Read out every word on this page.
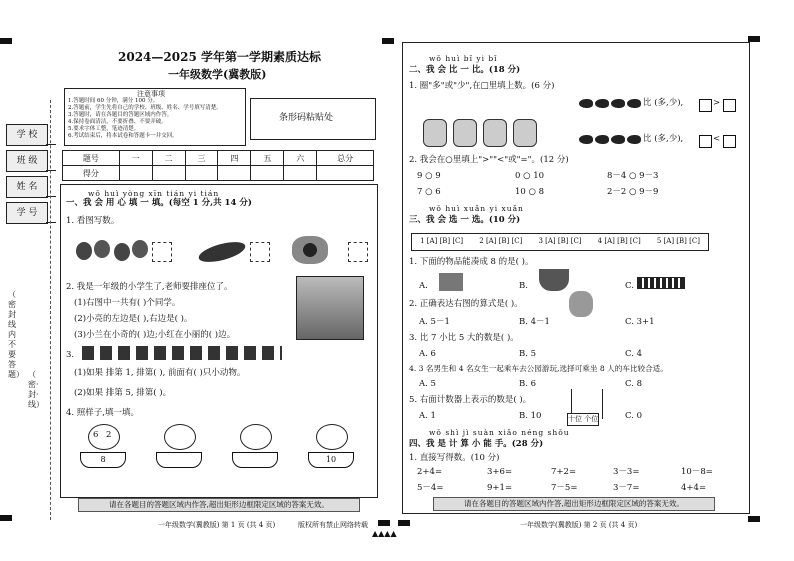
学 校
班 级
姓 名
学 号
（密封线内不要答题） （密·封·线）
2024—2025 学年第一学期素质达标
一年级数学(冀教版)
注意事项
1.答题时间 60 分钟，满分 100 分。
2.答题前，学生先将自己的学校、班级、姓名、学号填写清楚。
3.答题时，请在各题目的答题区域内作答。
4.保持卷面清洁，不要折叠、不要弄破。
5.要求字体工整，笔迹清楚。
6.考试结束后，将本试卷和答题卡一并交回。
条形码粘贴处
题号	一	二	三	四	五	六	总分
得分							
wǒ huì yòng xīn tián yi tián
一、我 会 用 心 填 一 填。(每空 1 分,共 14 分)
1. 看图写数。
2. 我是一年级的小学生了,老师要排座位了。
(1)右图中一共有( )个同学。
(2)小亮的左边是( ),右边是( )。
(3)小兰在小奇的( )边;小红在小丽的( )边。
3.
(1)如果 排第 1, 排第( ), 前面有( )只小动物。
(2)如果 排第 5, 排第( )。
4. 照样子,填一填。
6 2
8	10
请在各题目的答题区域内作答,超出矩形边框限定区域的答案无效。
一年级数学(冀教版) 第 1 页 (共 4 页)	版权所有禁止网络转载
wǒ huì bǐ yi bǐ
二、我 会 比 一 比。(18 分)
1. 圈"多"或"少",在□里填上数。(6 分)
比 (多,少),	>
比 (多,少),	<
2. 我会在○里填上">""<"或"="。(12 分)
9 ○ 9	0 ○ 10	8－4 ○ 9－3
7 ○ 6	10 ○ 8	2－2 ○ 9－9
wǒ huì xuǎn yi xuǎn
三、我 会 选 一 选。(10 分)
1 [A] [B] [C]	2 [A] [B] [C]	3 [A] [B] [C]	4 [A] [B] [C]	5 [A] [B] [C]
1. 下面的物品能凑成 8 的是( )。
A.	B.	C.
2. 正确表达右图的算式是( )。
A. 5－1	B. 4－1	C. 3+1
3. 比 7 小比 5 大的数是( )。
A. 6	B. 5	C. 4
4. 3 名男生和 4 名女生一起乘车去公园游玩,选择可乘坐 8 人的车比较合适。
A. 5	B. 6	C. 8
5. 右面计数器上表示的数是( )。
A. 1	B. 10	C. 0
十位 个位
wǒ shì jì suàn xiǎo néng shǒu
四、我 是 计 算 小 能 手。(28 分)
1. 直接写得数。(10 分)
2+4=	3+6=	7+2=	3－3=	10－8=
5－4=	9+1=	7－5=	3－7=	4+4=
请在各题目的答题区域内作答,超出矩形边框限定区域的答案无效。
一年级数学(冀教版) 第 2 页 (共 4 页)
▲▲▲▲
